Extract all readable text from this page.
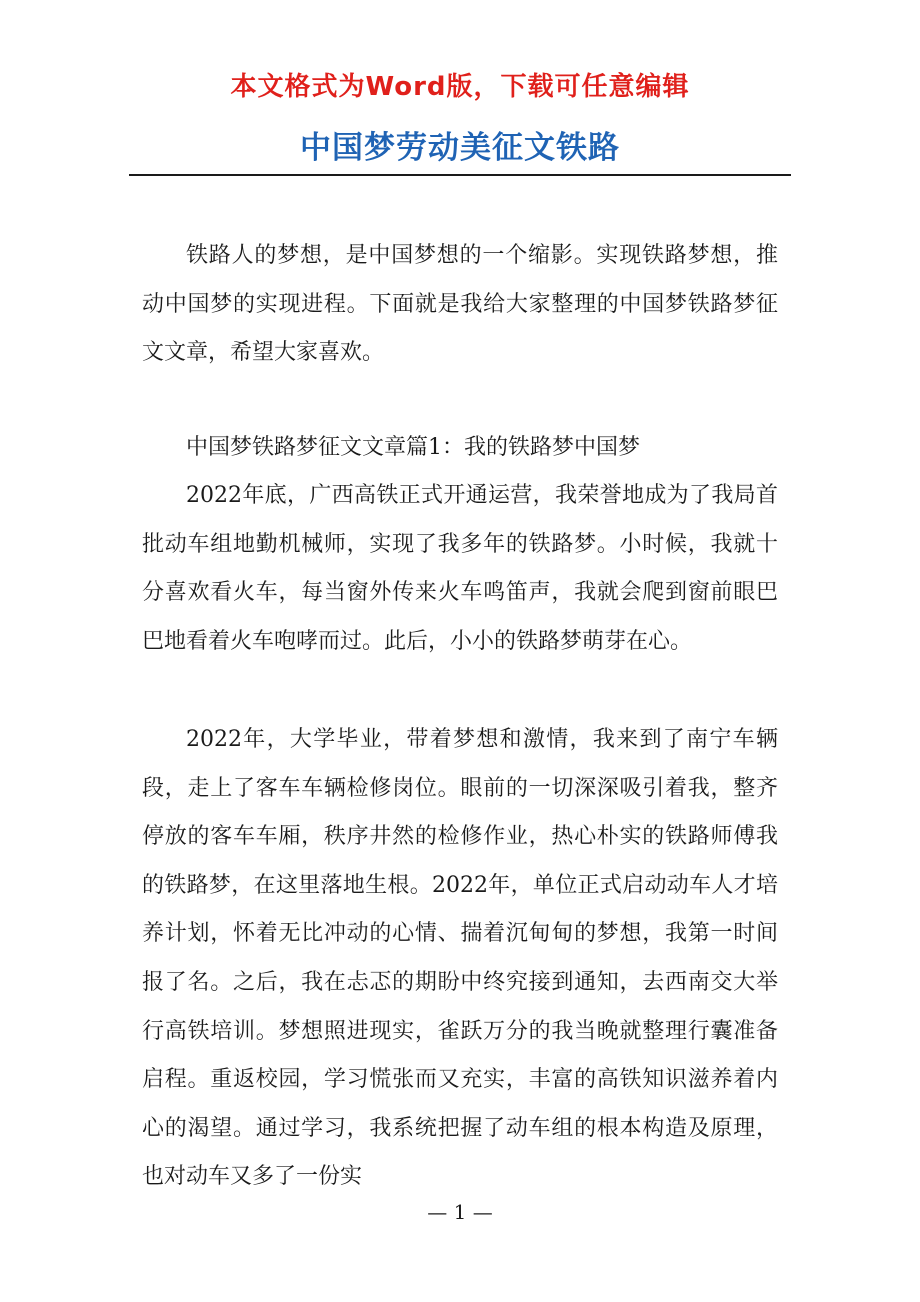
本文格式为Word版，下载可任意编辑
中国梦劳动美征文铁路

铁路人的梦想，是中国梦想的一个缩影。实现铁路梦想，推动中国梦的实现进程。下面就是我给大家整理的中国梦铁路梦征文文章，希望大家喜欢。

中国梦铁路梦征文文章篇1：我的铁路梦中国梦

2022年底，广西高铁正式开通运营，我荣誉地成为了我局首批动车组地勤机械师，实现了我多年的铁路梦。小时候，我就十分喜欢看火车，每当窗外传来火车鸣笛声，我就会爬到窗前眼巴巴地看着火车咆哮而过。此后，小小的铁路梦萌芽在心。

2022年，大学毕业，带着梦想和激情，我来到了南宁车辆段，走上了客车车辆检修岗位。眼前的一切深深吸引着我，整齐停放的客车车厢，秩序井然的检修作业，热心朴实的铁路师傅我的铁路梦，在这里落地生根。2022年，单位正式启动动车人才培养计划，怀着无比冲动的心情、揣着沉甸甸的梦想，我第一时间报了名。之后，我在忐忑的期盼中终究接到通知，去西南交大举行高铁培训。梦想照进现实，雀跃万分的我当晚就整理行囊准备启程。重返校园，学习慌张而又充实，丰富的高铁知识滋养着内心的渴望。通过学习，我系统把握了动车组的根本构造及原理，也对动车又多了一份实

— 1 —
